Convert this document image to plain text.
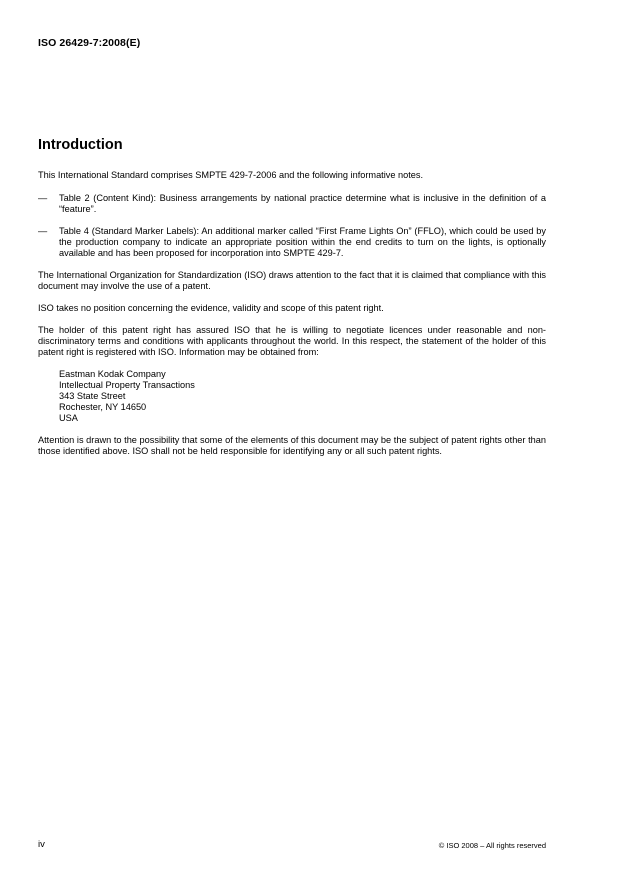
ISO 26429-7:2008(E)
Introduction

This International Standard comprises SMPTE 429-7-2006 and the following informative notes.

—	Table 2 (Content Kind): Business arrangements by national practice determine what is inclusive in the definition of a “feature”.
—	Table 4 (Standard Marker Labels): An additional marker called “First Frame Lights On” (FFLO), which could be used by the production company to indicate an appropriate position within the end credits to turn on the lights, is optionally available and has been proposed for incorporation into SMPTE 429-7.

The International Organization for Standardization (ISO) draws attention to the fact that it is claimed that compliance with this document may involve the use of a patent.

ISO takes no position concerning the evidence, validity and scope of this patent right.

The holder of this patent right has assured ISO that he is willing to negotiate licences under reasonable and non-discriminatory terms and conditions with applicants throughout the world. In this respect, the statement of the holder of this patent right is registered with ISO. Information may be obtained from:

Eastman Kodak Company
Intellectual Property Transactions
343 State Street
Rochester, NY 14650
USA

Attention is drawn to the possibility that some of the elements of this document may be the subject of patent rights other than those identified above. ISO shall not be held responsible for identifying any or all such patent rights.

iv	© ISO 2008 – All rights reserved
